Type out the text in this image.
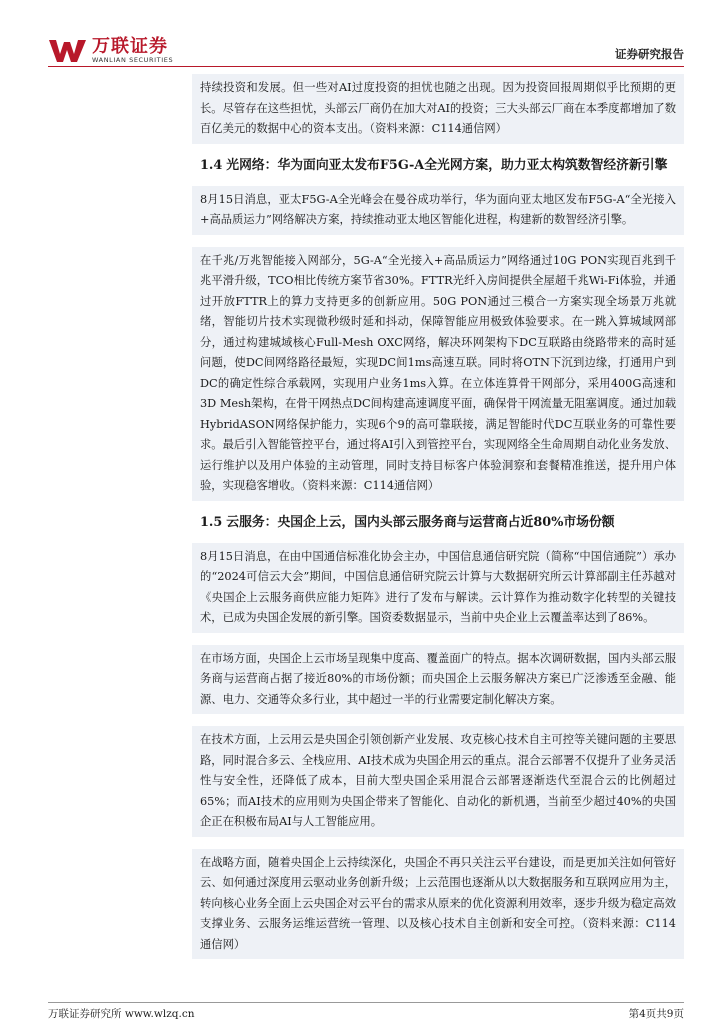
万联证券
WANLIAN SECURITIES	证券研究报告

持续投资和发展。但一些对AI过度投资的担忧也随之出现。因为投资回报周期似乎比预期的更长。尽管存在这些担忧，头部云厂商仍在加大对AI的投资；三大头部云厂商在本季度都增加了数百亿美元的数据中心的资本支出。（资料来源：C114通信网）

1.4 光网络：华为面向亚太发布F5G-A全光网方案，助力亚太构筑数智经济新引擎

8月15日消息，亚太F5G-A全光峰会在曼谷成功举行，华为面向亚太地区发布F5G-A“全光接入+高品质运力”网络解决方案，持续推动亚太地区智能化进程，构建新的数智经济引擎。

在千兆/万兆智能接入网部分，5G-A“全光接入+高品质运力”网络通过10G PON实现百兆到千兆平滑升级，TCO相比传统方案节省30%。FTTR光纤入房间提供全屋超千兆Wi-Fi体验，并通过开放FTTR上的算力支持更多的创新应用。50G PON通过三模合一方案实现全场景万兆就绪，智能切片技术实现微秒级时延和抖动，保障智能应用极致体验要求。在一跳入算城域网部分，通过构建城域核心Full-Mesh OXC网络，解决环网架构下DC互联路由绕路带来的高时延问题，使DC间网络路径最短，实现DC间1ms高速互联。同时将OTN下沉到边缘，打通用户到DC的确定性综合承载网，实现用户业务1ms入算。在立体连算骨干网部分，采用400G高速和3D Mesh架构，在骨干网热点DC间构建高速调度平面，确保骨干网流量无阻塞调度。通过加载HybridASON网络保护能力，实现6个9的高可靠联接，满足智能时代DC互联业务的可靠性要求。最后引入智能管控平台，通过将AI引入到管控平台，实现网络全生命周期自动化业务发放、运行维护以及用户体验的主动管理，同时支持目标客户体验洞察和套餐精准推送，提升用户体验，实现稳客增收。（资料来源：C114通信网）

1.5 云服务：央国企上云，国内头部云服务商与运营商占近80%市场份额

8月15日消息，在由中国通信标准化协会主办，中国信息通信研究院（简称“中国信通院”）承办的“2024可信云大会”期间，中国信息通信研究院云计算与大数据研究所云计算部副主任苏越对《央国企上云服务商供应能力矩阵》进行了发布与解读。云计算作为推动数字化转型的关键技术，已成为央国企发展的新引擎。国资委数据显示，当前中央企业上云覆盖率达到了86%。

在市场方面，央国企上云市场呈现集中度高、覆盖面广的特点。据本次调研数据，国内头部云服务商与运营商占据了接近80%的市场份额；而央国企上云服务解决方案已广泛渗透至金融、能源、电力、交通等众多行业，其中超过一半的行业需要定制化解决方案。

在技术方面，上云用云是央国企引领创新产业发展、攻克核心技术自主可控等关键问题的主要思路，同时混合多云、全栈应用、AI技术成为央国企用云的重点。混合云部署不仅提升了业务灵活性与安全性，还降低了成本，目前大型央国企采用混合云部署逐渐迭代至混合云的比例超过65%；而AI技术的应用则为央国企带来了智能化、自动化的新机遇，当前至少超过40%的央国企正在积极布局AI与人工智能应用。

在战略方面，随着央国企上云持续深化，央国企不再只关注云平台建设，而是更加关注如何管好云、如何通过深度用云驱动业务创新升级；上云范围也逐渐从以大数据服务和互联网应用为主，转向核心业务全面上云央国企对云平台的需求从原来的优化资源利用效率，逐步升级为稳定高效支撑业务、云服务运维运营统一管理、以及核心技术自主创新和安全可控。（资料来源：C114通信网）

万联证券研究所 www.wlzq.cn	第4页共9页
